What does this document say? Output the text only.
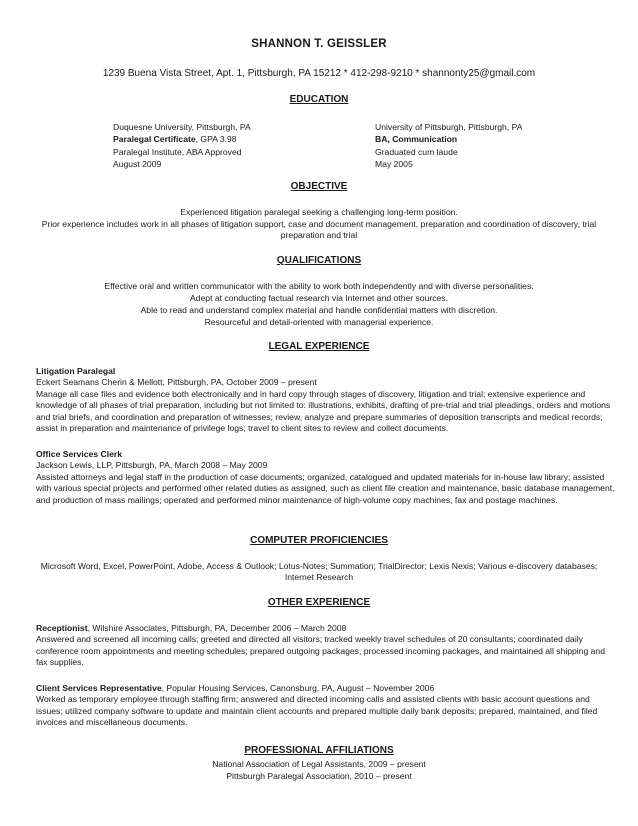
SHANNON T. GEISSLER
1239 Buena Vista Street, Apt. 1, Pittsburgh, PA 15212 * 412-298-9210 * shannonty25@gmail.com
EDUCATION
Duquesne University, Pittsburgh, PA
Paralegal Certificate, GPA 3.98
Paralegal Institute, ABA Approved
August 2009
University of Pittsburgh, Pittsburgh, PA
BA, Communication
Graduated cum laude
May 2005
OBJECTIVE
Experienced litigation paralegal seeking a challenging long-term position.
Prior experience includes work in all phases of litigation support, case and document management, preparation and coordination of discovery, trial preparation and trial
QUALIFICATIONS
Effective oral and written communicator with the ability to work both independently and with diverse personalities.
Adept at conducting factual research via Internet and other sources.
Able to read and understand complex material and handle confidential matters with discretion.
Resourceful and detail-oriented with managerial experience.
LEGAL EXPERIENCE
Litigation Paralegal
Eckert Seamans Cherin & Mellott, Pittsburgh, PA, October 2009 – present
Manage all case files and evidence both electronically and in hard copy through stages of discovery, litigation and trial; extensive experience and knowledge of all phases of trial preparation, including but not limited to: illustrations, exhibits, drafting of pre-trial and trial pleadings, orders and motions and trial briefs, and coordination and preparation of witnesses; review, analyze and prepare summaries of deposition transcripts and medical records; assist in preparation and maintenance of privilege logs; travel to client sites to review and collect documents.
Office Services Clerk
Jackson Lewis, LLP, Pittsburgh, PA, March 2008 – May 2009
Assisted attorneys and legal staff in the production of case documents; organized, catalogued and updated materials for in-house law library; assisted with various special projects and performed other related duties as assigned, such as client file creation and maintenance, basic database management, and production of mass mailings; operated and performed minor maintenance of high-volume copy machines, fax and postage machines.
COMPUTER PROFICIENCIES
Microsoft Word, Excel, PowerPoint, Adobe, Access & Outlook; Lotus-Notes; Summation; TrialDirector; Lexis Nexis; Various e-discovery databases; Internet Research
OTHER EXPERIENCE
Receptionist, Wilshire Associates, Pittsburgh, PA, December 2006 – March 2008
Answered and screened all incoming calls; greeted and directed all visitors; tracked weekly travel schedules of 20 consultants; coordinated daily conference room appointments and meeting schedules; prepared outgoing packages, processed incoming packages, and maintained all shipping and fax supplies.
Client Services Representative, Popular Housing Services, Canonsburg, PA, August – November 2006
Worked as temporary employee through staffing firm; answered and directed incoming calls and assisted clients with basic account questions and issues; utilized company software to update and maintain client accounts and prepared multiple daily bank deposits; prepared, maintained, and filed invoices and miscellaneous documents.
PROFESSIONAL AFFILIATIONS
National Association of Legal Assistants, 2009 – present
Pittsburgh Paralegal Association, 2010 – present
